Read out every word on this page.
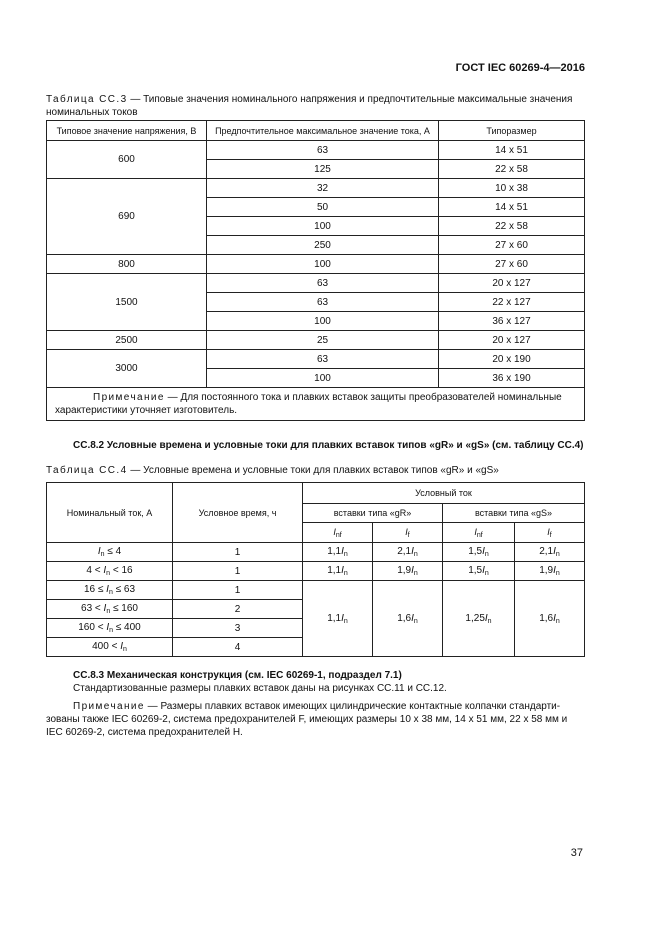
ГОСТ IEC 60269-4—2016
Таблица СС.3 — Типовые значения номинального напряжения и предпочтительные максимальные значения номинальных токов
Типовое значение напряжения, В	Предпочтительное максимальное значение тока, А	Типоразмер
600	63	14 x 51
	125	22 x 58
690	32	10 x 38
	50	14 x 51
	100	22 x 58
	250	27 x 60
800	100	27 x 60
1500	63	20 x 127
	63	22 x 127
	100	36 x 127
2500	25	20 x 127
3000	63	20 x 190
	100	36 x 190
Примечание — Для постоянного тока и плавких вставок защиты преобразователей номинальные характеристики уточняет изготовитель.		
СС.8.2 Условные времена и условные токи для плавких вставок типов «gR» и «gS» (см. таблицу СС.4)
Таблица СС.4 — Условные времена и условные токи для плавких вставок типов «gR» и «gS»
Номинальный ток, А	Условное время, ч	Условный ток			
		вставки типа «gR»		вставки типа «gS»	
		$I_{nf}$	$I_f$	$I_{nf}$	$I_f$
$I_n \le 4$	1	$1,1I_n$	$2,1I_n$	$1,5I_n$	$2,1I_n$
$4 < I_n < 16$	1	$1,1I_n$	$1,9I_n$	$1,5I_n$	$1,9I_n$
$16 \le I_n \le 63$	1	$1,1I_n$	$1,6I_n$	$1,25I_n$	$1,6I_n$
$63 < I_n \le 160$	2				
$160 < I_n \le 400$	3				
$400 < I_n$	4				
СС.8.3 Механическая конструкция (см. IEC 60269-1, подраздел 7.1)
Стандартизованные размеры плавких вставок даны на рисунках СС.11 и СС.12.
Примечание — Размеры плавких вставок имеющих цилиндрические контактные колпачки стандарти-
зованы также IEC 60269-2, система предохранителей F, имеющих размеры 10 x 38 мм, 14 x 51 мм, 22 x 58 мм и IEC 60269-2, система предохранителей H.
37
